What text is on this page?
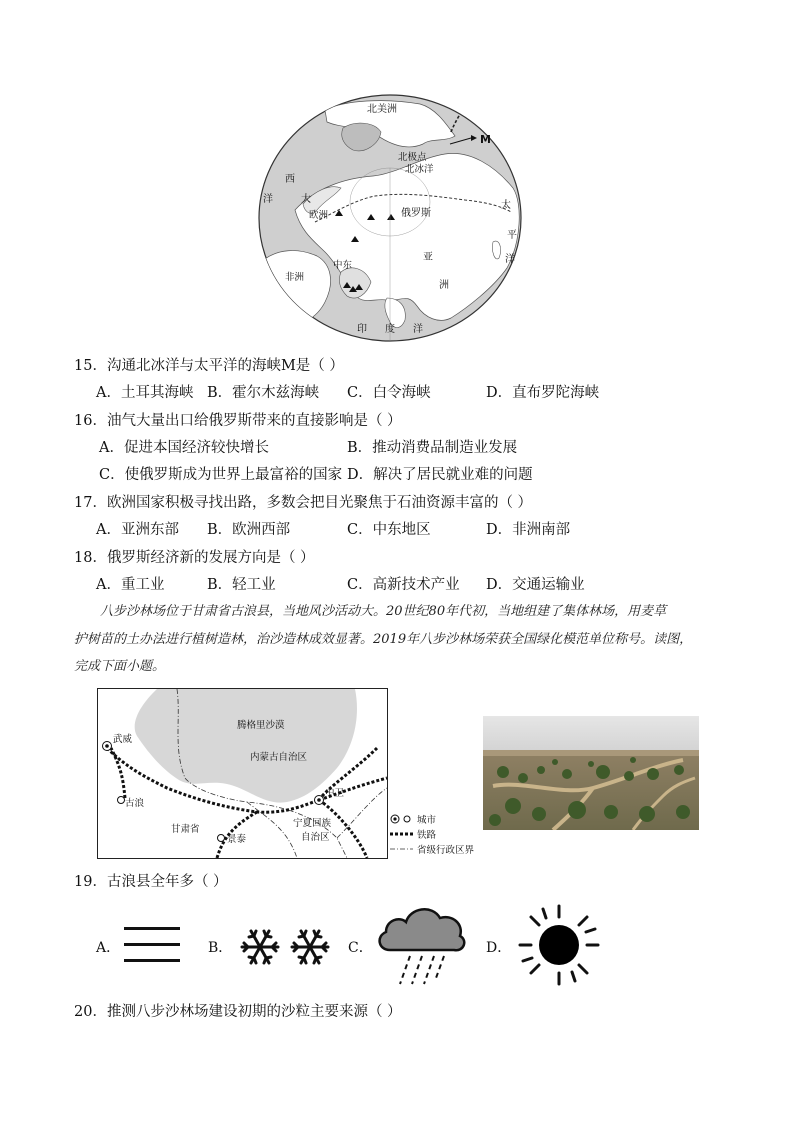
北美洲
M
北极点
北冰洋
西
大
洋
欧洲	俄罗斯
太
平
洋
亚
洲
中东
非洲
印 度 洋
15．沟通北冰洋与太平洋的海峡M是（ ）
A．土耳其海峡 B．霍尔木兹海峡 C．白令海峡	D．直布罗陀海峡
16．油气大量出口给俄罗斯带来的直接影响是（ ）
A．促进本国经济较快增长	B．推动消费品制造业发展
C．使俄罗斯成为世界上最富裕的国家 D．解决了居民就业难的问题
17．欧洲国家积极寻找出路，多数会把目光聚焦于石油资源丰富的（ ）
A．亚洲东部 B．欧洲西部	C．中东地区	D．非洲南部
18．俄罗斯经济新的发展方向是（ ）
A．重工业	B．轻工业	C．高新技术产业 D．交通运输业
八步沙林场位于甘肃省古浪县，当地风沙活动大。20世纪80年代初，当地组建了集体林场，用麦草
护树苗的土办法进行植树造林，治沙造林成效显著。2019年八步沙林场荣获全国绿化模范单位称号。读图，
完成下面小题。
腾格里沙漠
内蒙古自治区
武威
古浪
甘肃省
景泰
中卫
宁夏回族
自治区
城市
铁路
省级行政区界
19．古浪县全年多（ ）
A．	B．	C．	D．
20．推测八步沙林场建设初期的沙粒主要来源（ ）
